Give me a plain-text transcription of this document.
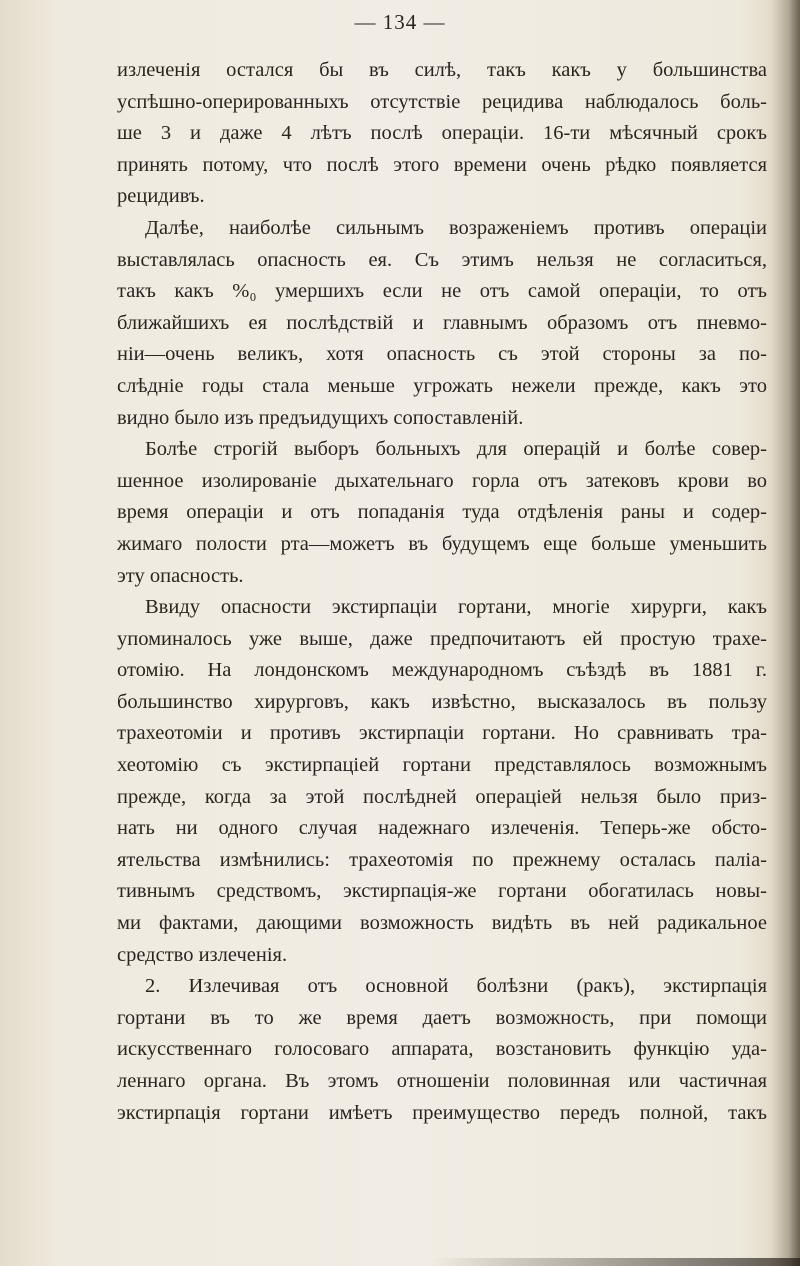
— 134 —
излеченія остался бы въ силѣ, такъ какъ у большинства
успѣшно-оперированныхъ отсутствіе рецидива наблюдалось боль-
ше 3 и даже 4 лѣтъ послѣ операціи. 16-ти мѣсячный срокъ
принять потому, что послѣ этого времени очень рѣдко появляется
рецидивъ.
Далѣе, наиболѣе сильнымъ возраженіемъ противъ операціи
выставлялась опасность ея. Съ этимъ нельзя не согласиться,
такъ какъ %₀ умершихъ если не отъ самой операціи, то отъ
ближайшихъ ея послѣдствій и главнымъ образомъ отъ пневмо-
ніи—очень великъ, хотя опасность съ этой стороны за по-
слѣдніе годы стала меньше угрожать нежели прежде, какъ это
видно было изъ предъидущихъ сопоставленій.
Болѣе строгій выборъ больныхъ для операцій и болѣе совер-
шенное изолированіе дыхательнаго горла отъ затековъ крови во
время операціи и отъ попаданія туда отдѣленія раны и содер-
жимаго полости рта—можетъ въ будущемъ еще больше уменьшить
эту опасность.
Ввиду опасности экстирпаціи гортани, многіе хирурги, какъ
упоминалось уже выше, даже предпочитаютъ ей простую трахе-
отомію. На лондонскомъ международномъ съѣздѣ въ 1881 г.
большинство хирурговъ, какъ извѣстно, высказалось въ пользу
трахеотоміи и противъ экстирпаціи гортани. Но сравнивать тра-
хеотомію съ экстирпаціей гортани представлялось возможнымъ
прежде, когда за этой послѣдней операціей нельзя было приз-
нать ни одного случая надежнаго излеченія. Теперь-же обсто-
ятельства измѣнились: трахеотомія по прежнему осталась паліа-
тивнымъ средствомъ, экстирпація-же гортани обогатилась новы-
ми фактами, дающими возможность видѣть въ ней радикальное
средство излеченія.
2. Излечивая отъ основной болѣзни (ракъ), экстирпація
гортани въ то же время даетъ возможность, при помощи
искусственнаго голосоваго аппарата, возстановить функцію уда-
леннаго органа. Въ этомъ отношеніи половинная или частичная
экстирпація гортани имѣетъ преимущество передъ полной, такъ
